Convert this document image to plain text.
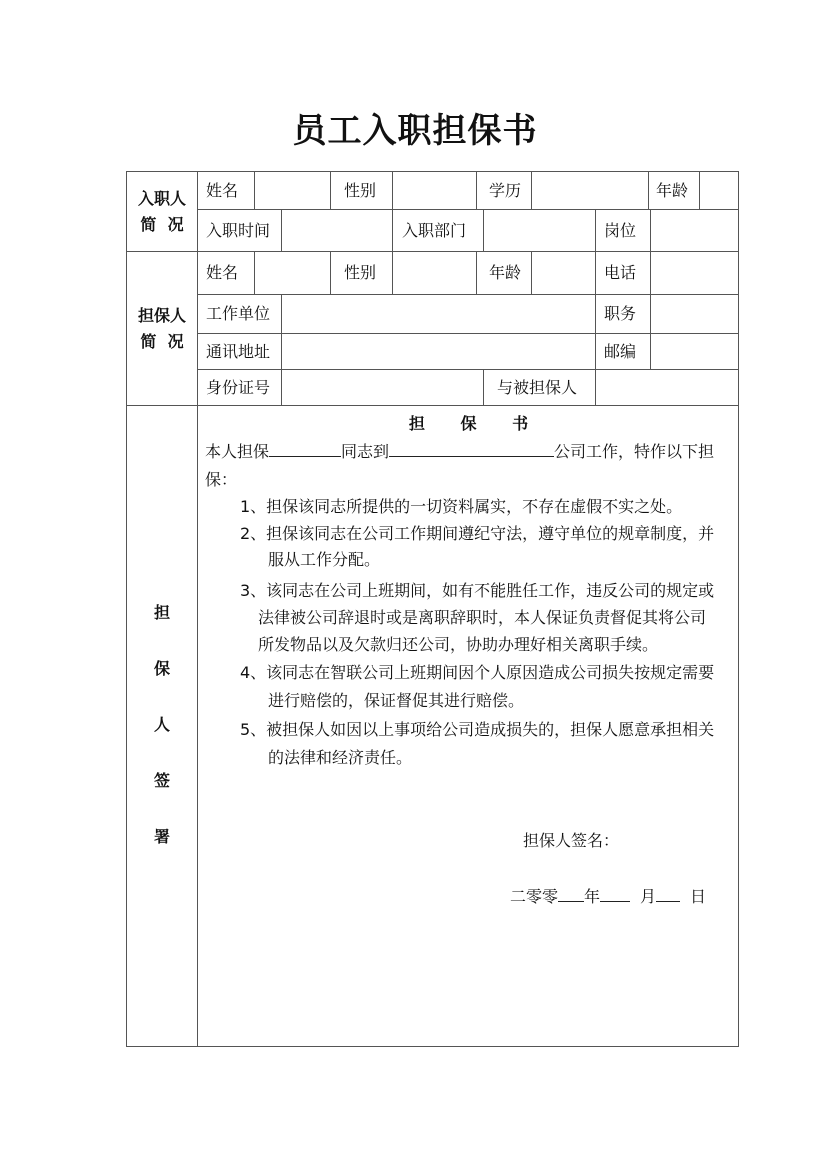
员工入职担保书
入职人
简  况
姓名	性别	学历	年龄
入职时间	入职部门	岗位
担保人
简  况
姓名	性别	年龄	电话
工作单位	职务
通讯地址	邮编
身份证号	与被担保人
担
保
人
签
署
担 保 书
本人担保	同志到	公司工作，特作以下担
保：
1、担保该同志所提供的一切资料属实，不存在虚假不实之处。
2、担保该同志在公司工作期间遵纪守法，遵守单位的规章制度，并
服从工作分配。
3、该同志在公司上班期间，如有不能胜任工作，违反公司的规定或
法律被公司辞退时或是离职辞职时，本人保证负责督促其将公司
所发物品以及欠款归还公司，协助办理好相关离职手续。
4、该同志在智联公司上班期间因个人原因造成公司损失按规定需要
进行赔偿的，保证督促其进行赔偿。
5、被担保人如因以上事项给公司造成损失的，担保人愿意承担相关
的法律和经济责任。
担保人签名：
二零零 年	月 日
